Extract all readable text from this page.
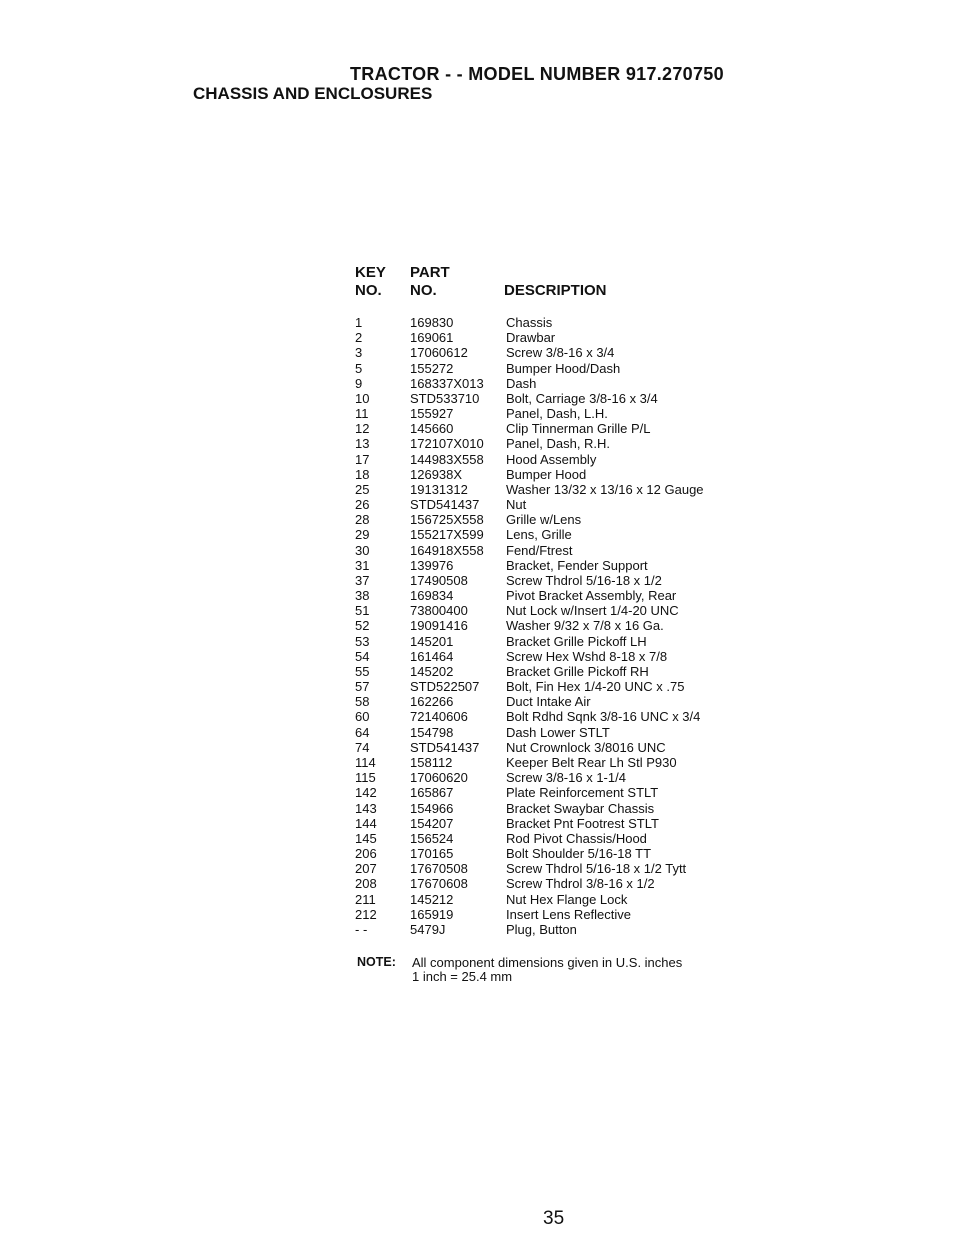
TRACTOR - - MODEL NUMBER 917.270750
CHASSIS AND ENCLOSURES
KEY
NO.
PART
NO.	DESCRIPTION
1	169830	Chassis
2	169061	Drawbar
3	17060612	Screw 3/8-16 x 3/4
5	155272	Bumper Hood/Dash
9	168337X013 Dash
10	STD533710 Bolt, Carriage 3/8-16 x 3/4
11	155927	Panel, Dash, L.H.
12	145660	Clip Tinnerman Grille P/L
13	172107X010 Panel, Dash, R.H.
17	144983X558 Hood Assembly
18	126938X	Bumper Hood
25	19131312	Washer 13/32 x 13/16 x 12 Gauge
26	STD541437 Nut
28	156725X558 Grille w/Lens
29	155217X599 Lens, Grille
30	164918X558 Fend/Ftrest
31	139976	Bracket, Fender Support
37	17490508	Screw Thdrol 5/16-18 x 1/2
38	169834	Pivot Bracket Assembly, Rear
51	73800400	Nut Lock w/Insert 1/4-20 UNC
52	19091416	Washer 9/32 x 7/8 x 16 Ga.
53	145201	Bracket Grille Pickoff LH
54	161464	Screw Hex Wshd 8-18 x 7/8
55	145202	Bracket Grille Pickoff RH
57	STD522507 Bolt, Fin Hex 1/4-20 UNC x .75
58	162266	Duct Intake Air
60	72140606	Bolt Rdhd Sqnk 3/8-16 UNC x 3/4
64	154798	Dash Lower STLT
74	STD541437 Nut Crownlock 3/8016 UNC
114	158112	Keeper Belt Rear Lh Stl P930
115	17060620	Screw 3/8-16 x 1-1/4
142	165867	Plate Reinforcement STLT
143	154966	Bracket Swaybar Chassis
144	154207	Bracket Pnt Footrest STLT
145	156524	Rod Pivot Chassis/Hood
206	170165	Bolt Shoulder 5/16-18 TT
207	17670508	Screw Thdrol 5/16-18 x 1/2 Tytt
208	17670608	Screw Thdrol 3/8-16 x 1/2
211	145212	Nut Hex Flange Lock
212	165919	Insert Lens Reflective
- -	5479J	Plug, Button
NOTE: All component dimensions given in U.S. inches
1 inch = 25.4 mm
35
